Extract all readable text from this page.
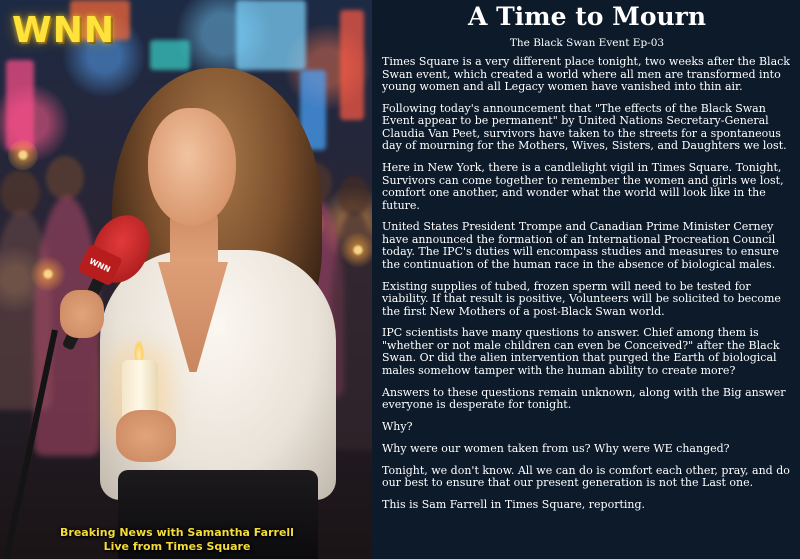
WNN
WNN
Breaking News with Samantha Farrell
Live from Times Square
A Time to Mourn
The Black Swan Event Ep-03

Times Square is a very different place tonight, two weeks after the Black Swan event, which created a world where all men are transformed into young women and all Legacy women have vanished into thin air.

Following today's announcement that "The effects of the Black Swan Event appear to be permanent" by United Nations Secretary-General Claudia Van Peet, survivors have taken to the streets for a spontaneous day of mourning for the Mothers, Wives, Sisters, and Daughters we lost.

Here in New York, there is a candlelight vigil in Times Square. Tonight, Survivors can come together to remember the women and girls we lost, comfort one another, and wonder what the world will look like in the future.

United States President Trompe and Canadian Prime Minister Cerney have announced the formation of an International Procreation Council today. The IPC's duties will encompass studies and measures to ensure the continuation of the human race in the absence of biological males.

Existing supplies of tubed, frozen sperm will need to be tested for viability. If that result is positive, Volunteers will be solicited to become the first New Mothers of a post-Black Swan world.

IPC scientists have many questions to answer. Chief among them is "whether or not male children can even be Conceived?" after the Black Swan. Or did the alien intervention that purged the Earth of biological males somehow tamper with the human ability to create more?

Answers to these questions remain unknown, along with the Big answer everyone is desperate for tonight.

Why?

Why were our women taken from us? Why were WE changed?

Tonight, we don't know. All we can do is comfort each other, pray, and do our best to ensure that our present generation is not the Last one.

This is Sam Farrell in Times Square, reporting.
